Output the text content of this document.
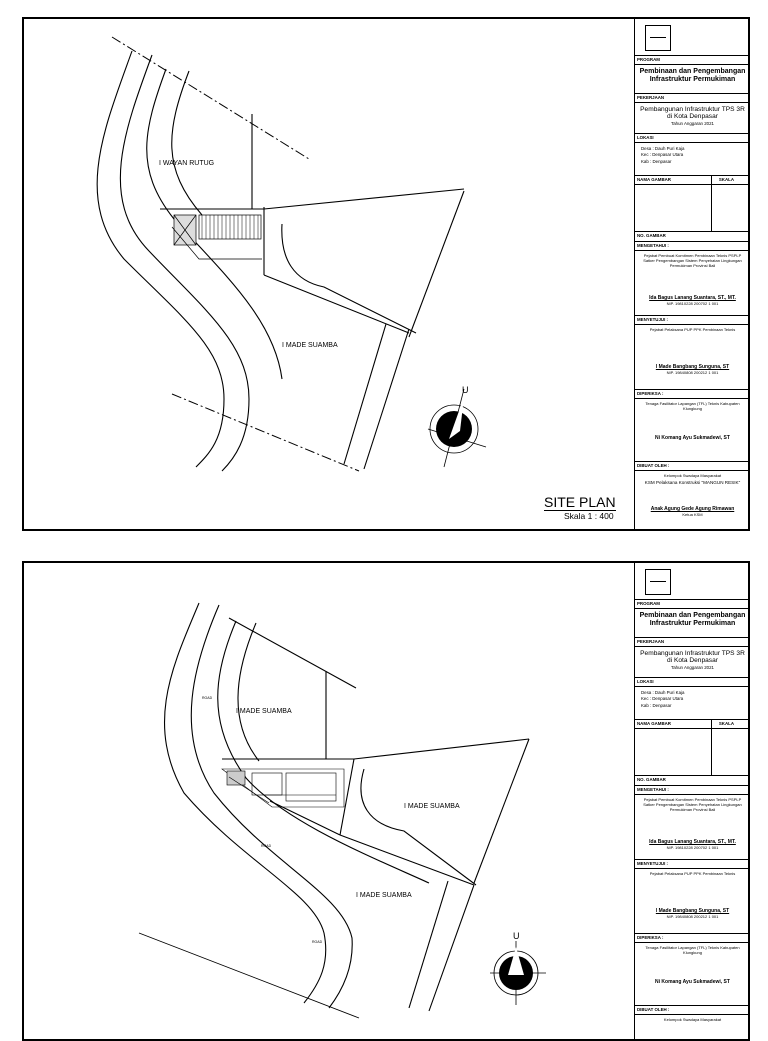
I WAYAN RUTUG
I MADE SUAMBA
U
SITE PLAN
Skala 1 : 400
PROGRAM
Pembinaan dan Pengembangan Infrastruktur Permukiman
PEKERJAAN
Pembangunan Infrastruktur TPS 3R di Kota Denpasar
Tahun Anggaran 2021
LOKASI
Desa : Dauh Puri Kaja
Kec : Denpasar Utara
Kab : Denpasar
NAMA GAMBAR	SKALA
NO. GAMBAR
MENGETAHUI :
Pejabat Pembuat Komitmen Pembinaan Teknis PSPLP Satker Pengembangan Sistem Penyehatan Lingkungan Permukiman Provinsi Bali
Ida Bagus Lanang Suantara, ST., MT.
NIP. 19810228 200702 1 001
MENYETUJUI :
Pejabat Pelaksana PUP PPK Pembinaan Teknis
I Made Bangbang Sunguna, ST
NIP. 19840808 200212 1 001
DIPERIKSA :
Tenaga Fasilitator Lapangan (TFL) Teknis Kabupaten Klungkung
Ni Komang Ayu Sukmadewi, ST
DIBUAT OLEH :
Kelompok Swadaya Masyarakat
KSM Pelaksana Konstruksi "MANGUN RESIK"
Anak Agung Gede Agung Rimawan
Ketua KSM
ROAD
ROAD
ROAD
I MADE SUAMBA
I MADE SUAMBA
I MADE SUAMBA
U
PROGRAM
Pembinaan dan Pengembangan Infrastruktur Permukiman
PEKERJAAN
Pembangunan Infrastruktur TPS 3R di Kota Denpasar
Tahun Anggaran 2021
LOKASI
Desa : Dauh Puri Kaja
Kec : Denpasar Utara
Kab : Denpasar
NAMA GAMBAR	SKALA
NO. GAMBAR
MENGETAHUI :
Pejabat Pembuat Komitmen Pembinaan Teknis PSPLP Satker Pengembangan Sistem Penyehatan Lingkungan Permukiman Provinsi Bali
Ida Bagus Lanang Suantara, ST., MT.
NIP. 19810228 200702 1 001
MENYETUJUI :
Pejabat Pelaksana PUP PPK Pembinaan Teknis
I Made Bangbang Sunguna, ST
NIP. 19840808 200212 1 001
DIPERIKSA :
Tenaga Fasilitator Lapangan (TFL) Teknis Kabupaten Klungkung
Ni Komang Ayu Sukmadewi, ST
DIBUAT OLEH :
Kelompok Swadaya Masyarakat
